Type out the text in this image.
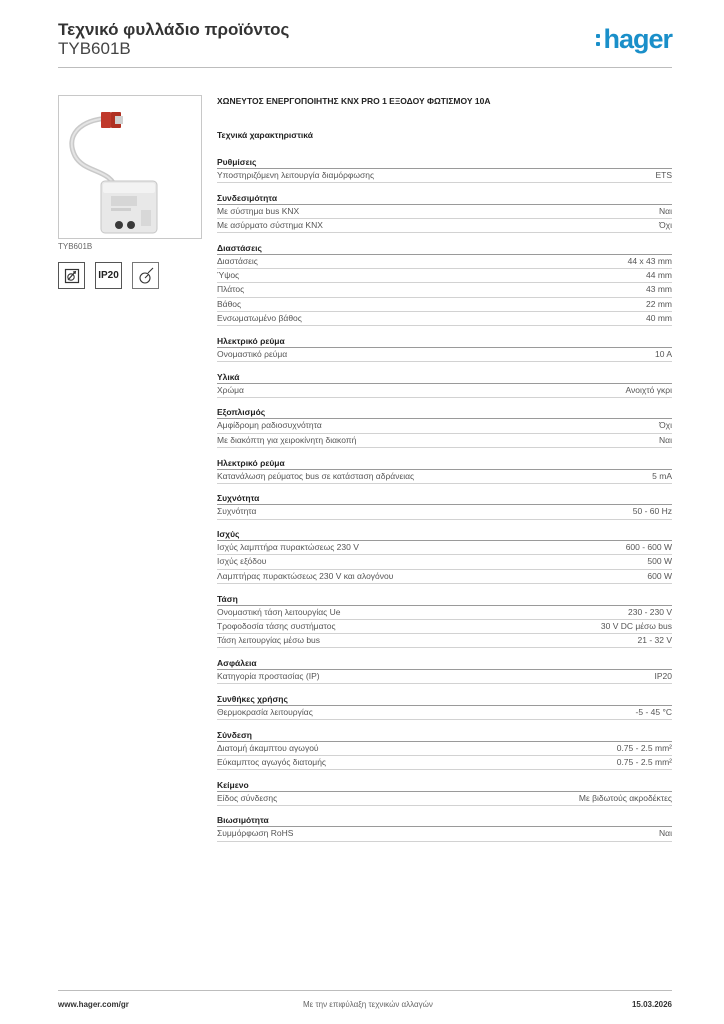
Τεχνικό φυλλάδιο προϊόντος
TYB601B	hager
TYB601B
IP20
ΧΩΝΕΥΤΟΣ ΕΝΕΡΓΟΠΟΙΗΤΗΣ KNX PRO 1 ΕΞΟΔΟΥ ΦΩΤΙΣΜΟΥ 10A
Τεχνικά χαρακτηριστικά
Ρυθμίσεις
Υποστηριζόμενη λειτουργία διαμόρφωσης	ETS
Συνδεσιμότητα
Με σύστημα bus KNX	Ναι
Με ασύρματο σύστημα KNX	Όχι
Διαστάσεις
Διαστάσεις	44 x 43 mm
Ύψος	44 mm
Πλάτος	43 mm
Βάθος	22 mm
Ενσωματωμένο βάθος	40 mm
Ηλεκτρικό ρεύμα
Ονομαστικό ρεύμα	10 A
Υλικά
Χρώμα	Ανοιχτό γκρι
Εξοπλισμός
Αμφίδρομη ραδιοσυχνότητα	Όχι
Με διακόπτη για χειροκίνητη διακοπή	Ναι
Ηλεκτρικό ρεύμα
Κατανάλωση ρεύματος bus σε κατάσταση αδράνειας	5 mA
Συχνότητα
Συχνότητα	50 - 60 Hz
Ισχύς
Ισχύς λαμπτήρα πυρακτώσεως 230 V	600 - 600 W
Ισχύς εξόδου	500 W
Λαμπτήρας πυρακτώσεως 230 V και αλογόνου	600 W
Τάση
Ονομαστική τάση λειτουργίας Ue	230 - 230 V
Τροφοδοσία τάσης συστήματος	30 V DC μέσω bus
Τάση λειτουργίας μέσω bus	21 - 32 V
Ασφάλεια
Κατηγορία προστασίας (IP)	IP20
Συνθήκες χρήσης
Θερμοκρασία λειτουργίας	-5 - 45 °C
Σύνδεση
Διατομή άκαμπτου αγωγού	0.75 - 2.5 mm²
Εύκαμπτος αγωγός διατομής	0.75 - 2.5 mm²
Κείμενο
Είδος σύνδεσης	Με βιδωτούς ακροδέκτες
Βιωσιμότητα
Συμμόρφωση RoHS	Ναι
www.hager.com/gr	Με την επιφύλαξη τεχνικών αλλαγών	15.03.2026
